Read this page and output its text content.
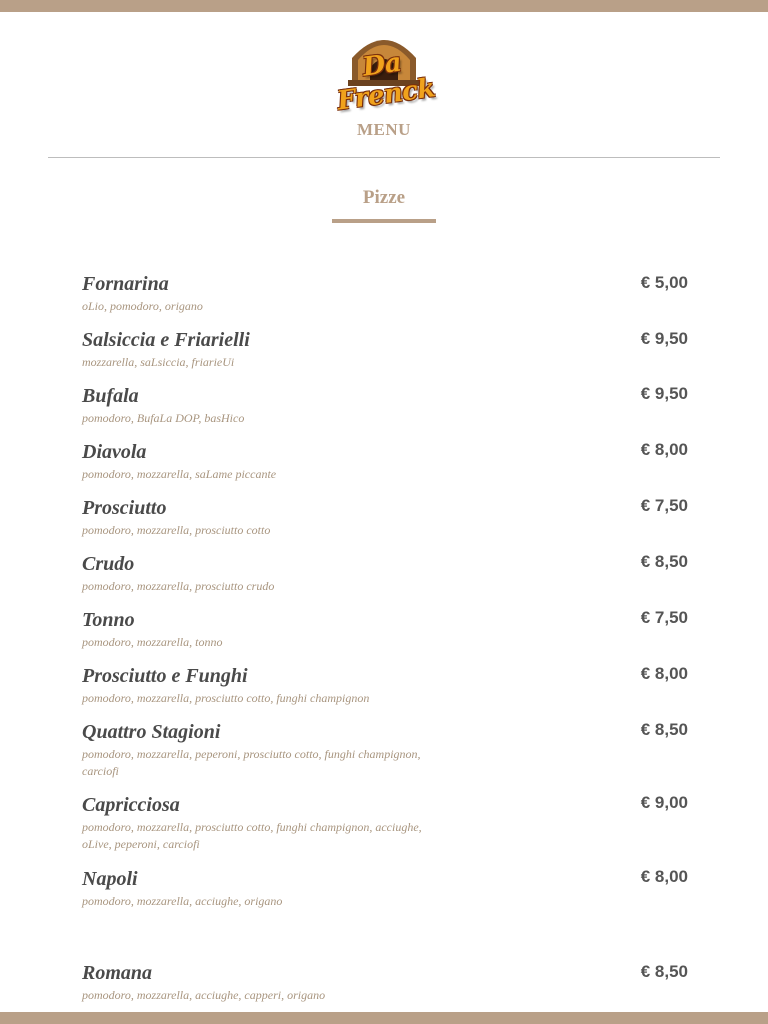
Da Frenck
MENU
Pizze
Fornarina
oLio, pomodoro, origano
€ 5,00
Salsiccia e Friarielli
mozzarella, saLsiccia, friarieUi
€ 9,50
Bufala
pomodoro, BufaLa DOP, basHico
€ 9,50
Diavola
pomodoro, mozzarella, saLame piccante
€ 8,00
Prosciutto
pomodoro, mozzarella, prosciutto cotto
€ 7,50
Crudo
pomodoro, mozzarella, prosciutto crudo
€ 8,50
Tonno
pomodoro, mozzarella, tonno
€ 7,50
Prosciutto e Funghi
pomodoro, mozzarella, prosciutto cotto, funghi champignon
€ 8,00
Quattro Stagioni
pomodoro, mozzarella, peperoni, prosciutto cotto, funghi champignon, carciofi
€ 8,50
Capricciosa
pomodoro, mozzarella, prosciutto cotto, funghi champignon, acciughe, oLive, peperoni, carciofi
€ 9,00
Napoli
pomodoro, mozzarella, acciughe, origano
€ 8,00
Romana
pomodoro, mozzarella, acciughe, capperi, origano
€ 8,50
